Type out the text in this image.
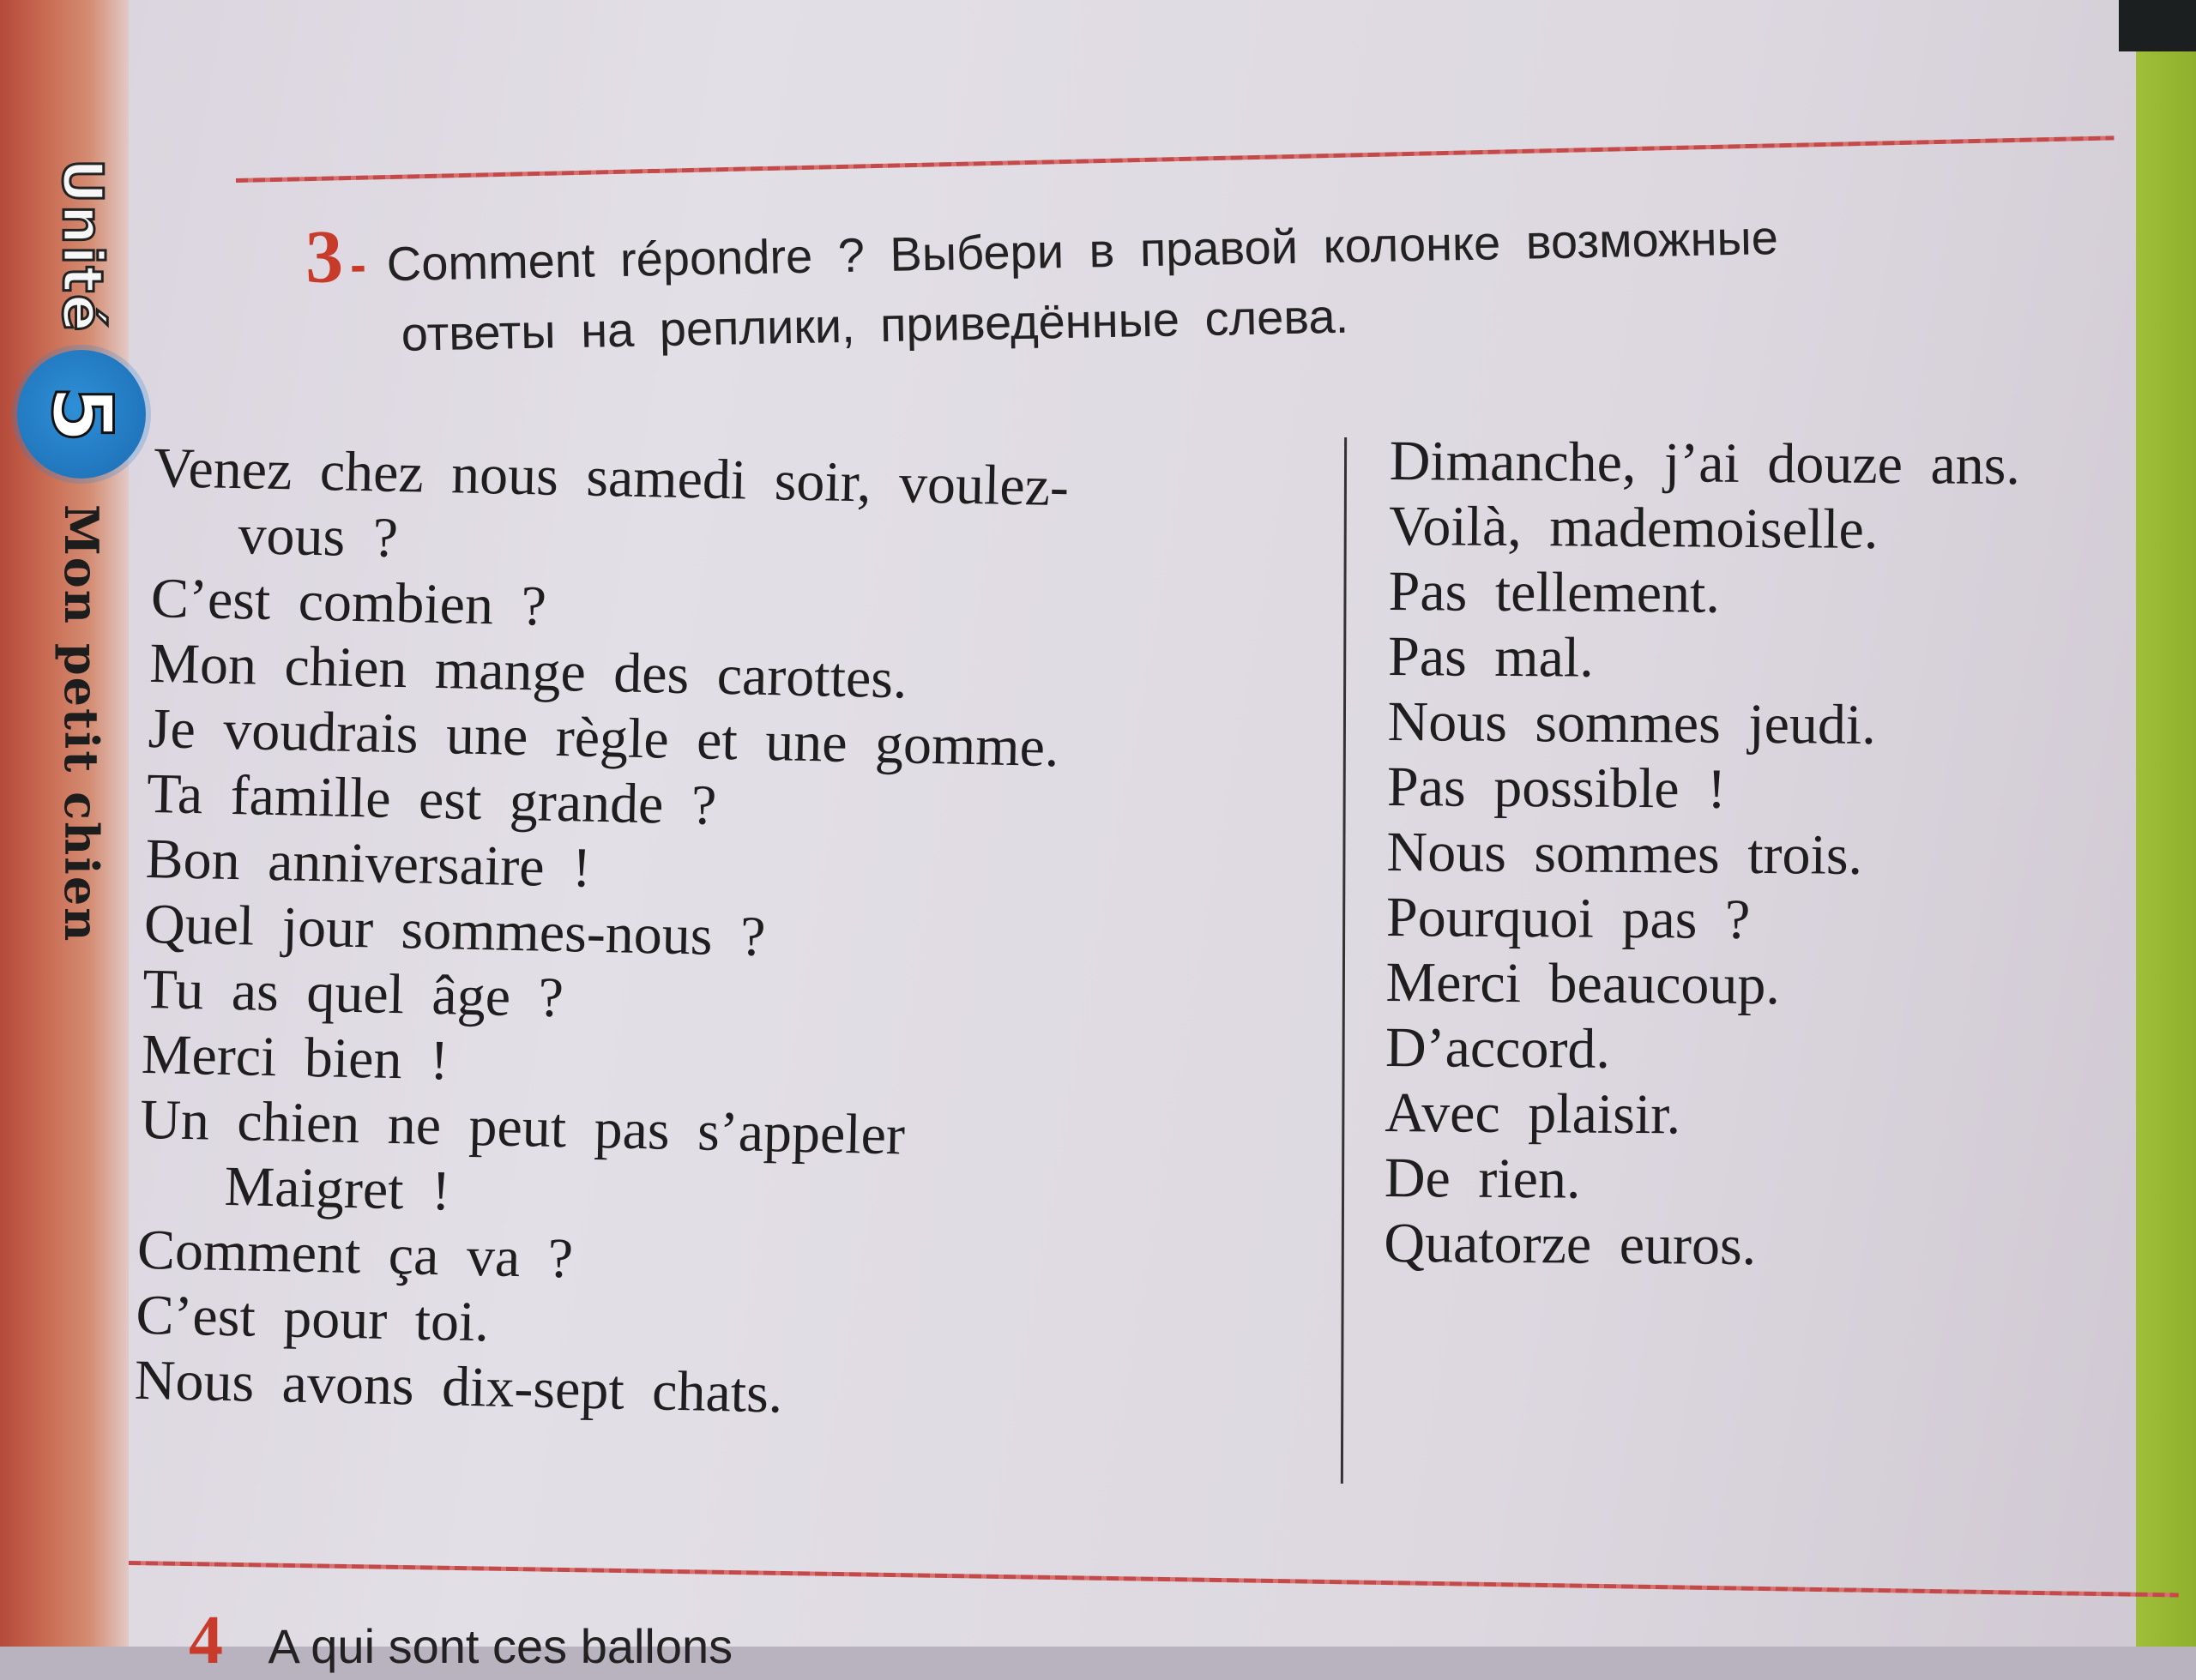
Unité
5
Mon petit chien
3 - Comment répondre ? Выбери в правой колонке возможные
ответы на реплики, приведённые слева.
Venez chez nous samedi soir, voulez-
vous ?
C’est combien ?
Mon chien mange des carottes.
Je voudrais une règle et une gomme.
Ta famille est grande ?
Bon anniversaire !
Quel jour sommes-nous ?
Tu as quel âge ?
Merci bien !
Un chien ne peut pas s’appeler
Maigret !
Comment ça va ?
C’est pour toi.
Nous avons dix-sept chats.
Dimanche, j’ai douze ans.
Voilà, mademoiselle.
Pas tellement.
Pas mal.
Nous sommes jeudi.
Pas possible !
Nous sommes trois.
Pourquoi pas ?
Merci beaucoup.
D’accord.
Avec plaisir.
De rien.
Quatorze euros.
4 A qui sont ces ballons
